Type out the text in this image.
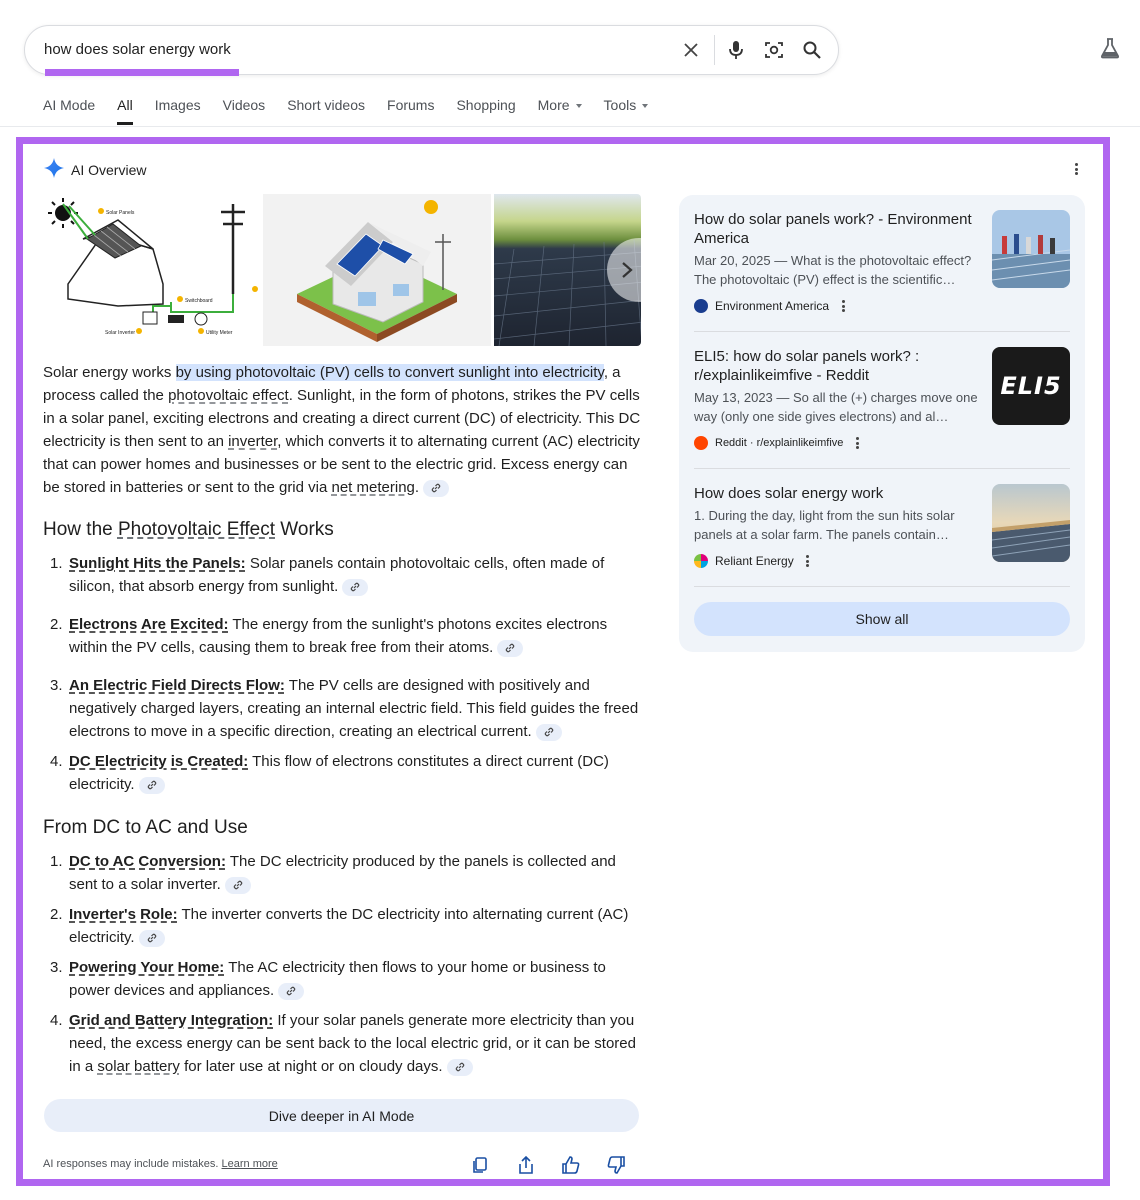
how does solar energy work
AI Mode All Images Videos Short videos Forums Shopping More	Tools
AI Overview
Solar Panels
Switchboard
Utility Meter
Solar Inverter
Solar energy works by using photovoltaic (PV) cells to convert sunlight into electricity, a process called the photovoltaic effect. Sunlight, in the form of photons, strikes the PV cells in a solar panel, exciting electrons and creating a direct current (DC) of electricity. This DC electricity is then sent to an inverter, which converts it to alternating current (AC) electricity that can power homes and businesses or be sent to the electric grid. Excess energy can be stored in batteries or sent to the grid via net metering.
How the Photovoltaic Effect Works
1. Sunlight Hits the Panels: Solar panels contain photovoltaic cells, often made of silicon, that absorb energy from sunlight.
2. Electrons Are Excited: The energy from the sunlight's photons excites electrons within the PV cells, causing them to break free from their atoms.
3. An Electric Field Directs Flow: The PV cells are designed with positively and negatively charged layers, creating an internal electric field. This field guides the freed electrons to move in a specific direction, creating an electrical current.
4. DC Electricity is Created: This flow of electrons constitutes a direct current (DC) electricity.
From DC to AC and Use
1. DC to AC Conversion: The DC electricity produced by the panels is collected and sent to a solar inverter.
2. Inverter's Role: The inverter converts the DC electricity into alternating current (AC) electricity.
3. Powering Your Home: The AC electricity then flows to your home or business to power devices and appliances.
4. Grid and Battery Integration: If your solar panels generate more electricity than you need, the excess energy can be sent back to the local electric grid, or it can be stored in a solar battery for later use at night or on cloudy days.
Dive deeper in AI Mode
AI responses may include mistakes. Learn more
How do solar panels work? - Environment America
Mar 20, 2025 — What is the photovoltaic effect? The photovoltaic (PV) effect is the scientific…
Environment America
ELI5: how do solar panels work? : r/explainlikeimfive - Reddit
May 13, 2023 — So all the (+) charges move one way (only one side gives electrons) and al…
Reddit · r/explainlikeimfive
ELI5
How does solar energy work
1. During the day, light from the sun hits solar panels at a solar farm. The panels contain…
Reliant Energy
Show all
